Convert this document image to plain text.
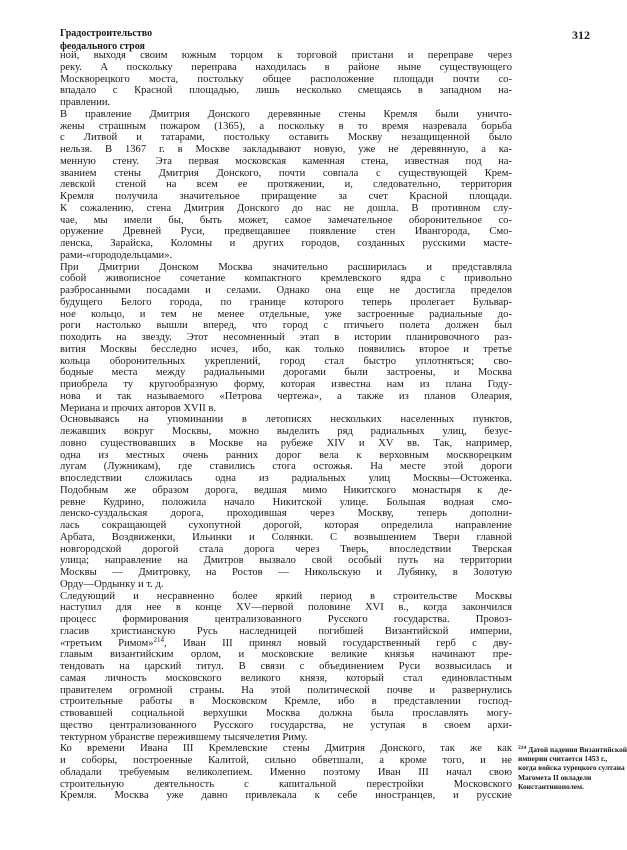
Градостроительство
феодального строя
312
ной, выходя своим южным торцом к торговой пристани и переправе через
реку. А поскольку переправа находилась в районе ныне существующего
Москворецкого моста, постольку общее расположение площади почти со-
впадало с Красной площадью, лишь несколько смещаясь в западном на-
правлении.
В правление Дмитрия Донского деревянные стены Кремля были уничто-
жены страшным пожаром (1365), а поскольку в то время назревала борьба
с Литвой и татарами, постольку оставить Москву незащищенной было
нельзя. В 1367 г. в Москве закладывают новую, уже не деревянную, а ка-
менную стену. Эта первая московская каменная стена, известная под на-
званием стены Дмитрия Донского, почти совпала с существующей Крем-
левской стеной на всем ее протяжении, и, следовательно, территория
Кремля получила значительное приращение за счет Красной площади.
К сожалению, стена Дмитрия Донского до нас не дошла. В противном слу-
чае, мы имели бы, быть может, самое замечательное оборонительное со-
оружение Древней Руси, предвещавшее появление стен Ивангорода, Смо-
ленска, Зарайска, Коломны и других городов, созданных русскими масте-
рами-«горододельцами».
При Дмитрии Донском Москва значительно расширилась и представляла
собой живописное сочетание компактного кремлевского ядра с привольно
разбросанными посадами и селами. Однако она еще не достигла пределов
будущего Белого города, по границе которого теперь пролегает Бульвар-
ное кольцо, и тем не менее отдельные, уже застроенные радиальные до-
роги настолько вышли вперед, что город с птичьего полета должен был
походить на звезду. Этот несомненный этап в истории планировочного раз-
вития Москвы бесследно исчез, ибо, как только появились второе и третье
кольца оборонительных укреплений, город стал быстро уплотняться; сво-
бодные места между радиальными дорогами были застроены, и Москва
приобрела ту кругообразную форму, которая известна нам из плана Году-
нова и так называемого «Петрова чертежа», а также из планов Олеария,
Мериана и прочих авторов XVII в.
Основываясь на упоминании в летописях нескольких населенных пунктов,
лежавших вокруг Москвы, можно выделить ряд радиальных улиц, безус-
ловно существовавших в Москве на рубеже XIV и XV вв. Так, например,
одна из местных очень ранних дорог вела к верховным москворецким
лугам (Лужникам), где ставились стога остожья. На месте этой дороги
впоследствии сложилась одна из радиальных улиц Москвы—Остоженка.
Подобным же образом дорога, ведшая мимо Никитского монастыря к де-
ревне Кудрино, положила начало Никитской улице. Большая водная смо-
ленско-суздальская дорога, проходившая через Москву, теперь дополни-
лась сокращающей сухопутной дорогой, которая определила направление
Арбата, Воздвиженки, Ильинки и Солянки. С возвышением Твери главной
новгородской дорогой стала дорога через Тверь, впоследствии Тверская
улица; направление на Дмитров вызвало свой особый путь на территории
Москвы — Дмитровку, на Ростов — Никольскую и Лубянку, в Золотую
Орду—Ордынку и т. д.
Следующий и несравненно более яркий период в строительстве Москвы
наступил для нее в конце XV—первой половине XVI в., когда закончился
процесс формирования централизованного Русского государства. Провоз-
гласив христианскую Русь наследницей погибшей Византийской империи,
«третьим Римом»$^{214}$, Иван III принял новый государственный герб с дву-
главым византийским орлом, и московские великие князья начинают пре-
тендовать на царский титул. В связи с объединением Руси возвысилась и
самая личность московского великого князя, который стал единовластным
правителем огромной страны. На этой политической почве и развернулись
строительные работы в Московском Кремле, ибо в представлении господ-
ствовавшей социальной верхушки Москва должна была прославлять могу-
щество централизованного Русского государства, не уступая в своем архи-
тектурном убранстве пережившему тысячелетия Риму.
Ко времени Ивана III Кремлевские стены Дмитрия Донского, так же как
и соборы, построенные Калитой, сильно обветшали, а кроме того, и не
обладали требуемым великолепием. Именно поэтому Иван III начал свою
строительную деятельность с капитальной перестройки Московского
Кремля. Москва уже давно привлекала к себе иностранцев, и русские
$^{214}$ Датой падения Византийской
империи считается 1453 г.,
когда войска турецкого султана
Магомета II овладели
Константинополем.
